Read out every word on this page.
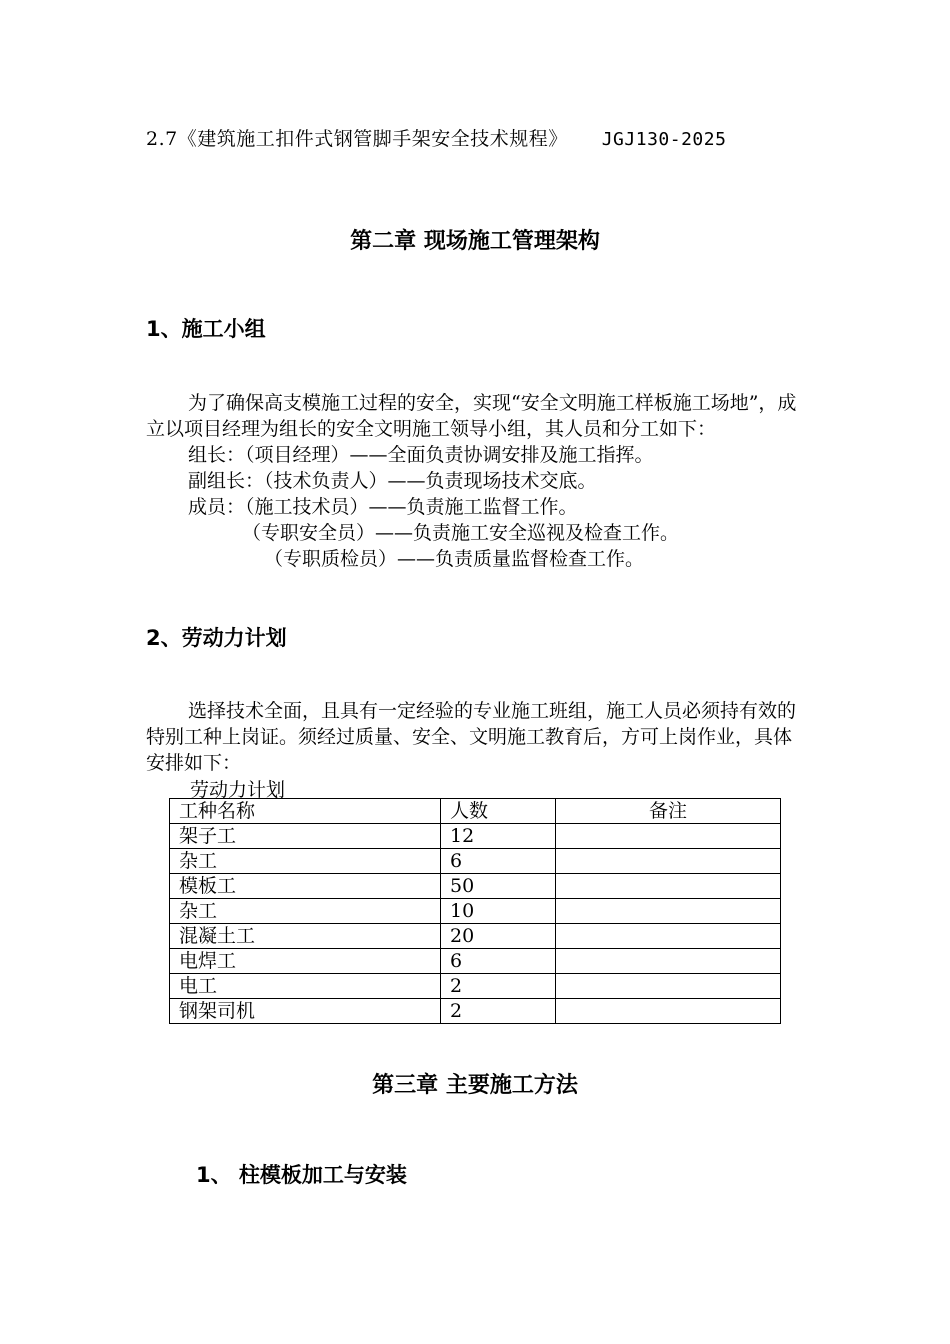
2.7《建筑施工扣件式钢管脚手架安全技术规程》 JGJ130-2025
第二章 现场施工管理架构
1、施工小组

为了确保高支模施工过程的安全，实现“安全文明施工样板施工场地”，成立以项目经理为组长的安全文明施工领导小组，其人员和分工如下：

组长：（项目经理）——全面负责协调安排及施工指挥。

副组长：（技术负责人）——负责现场技术交底。

成员：（施工技术员）——负责施工监督工作。

（专职安全员）——负责施工安全巡视及检查工作。

（专职质检员）——负责质量监督检查工作。

2、劳动力计划

选择技术全面，且具有一定经验的专业施工班组，施工人员必须持有效的特别工种上岗证。须经过质量、安全、文明施工教育后，方可上岗作业，具体安排如下：

劳动力计划
工种名称	人数	备注
架子工	12	
杂工	6	
模板工	50	
杂工	10	
混凝土工	20	
电焊工	6	
电工	2	
钢架司机	2	
第三章 主要施工方法
1、 柱模板加工与安装
